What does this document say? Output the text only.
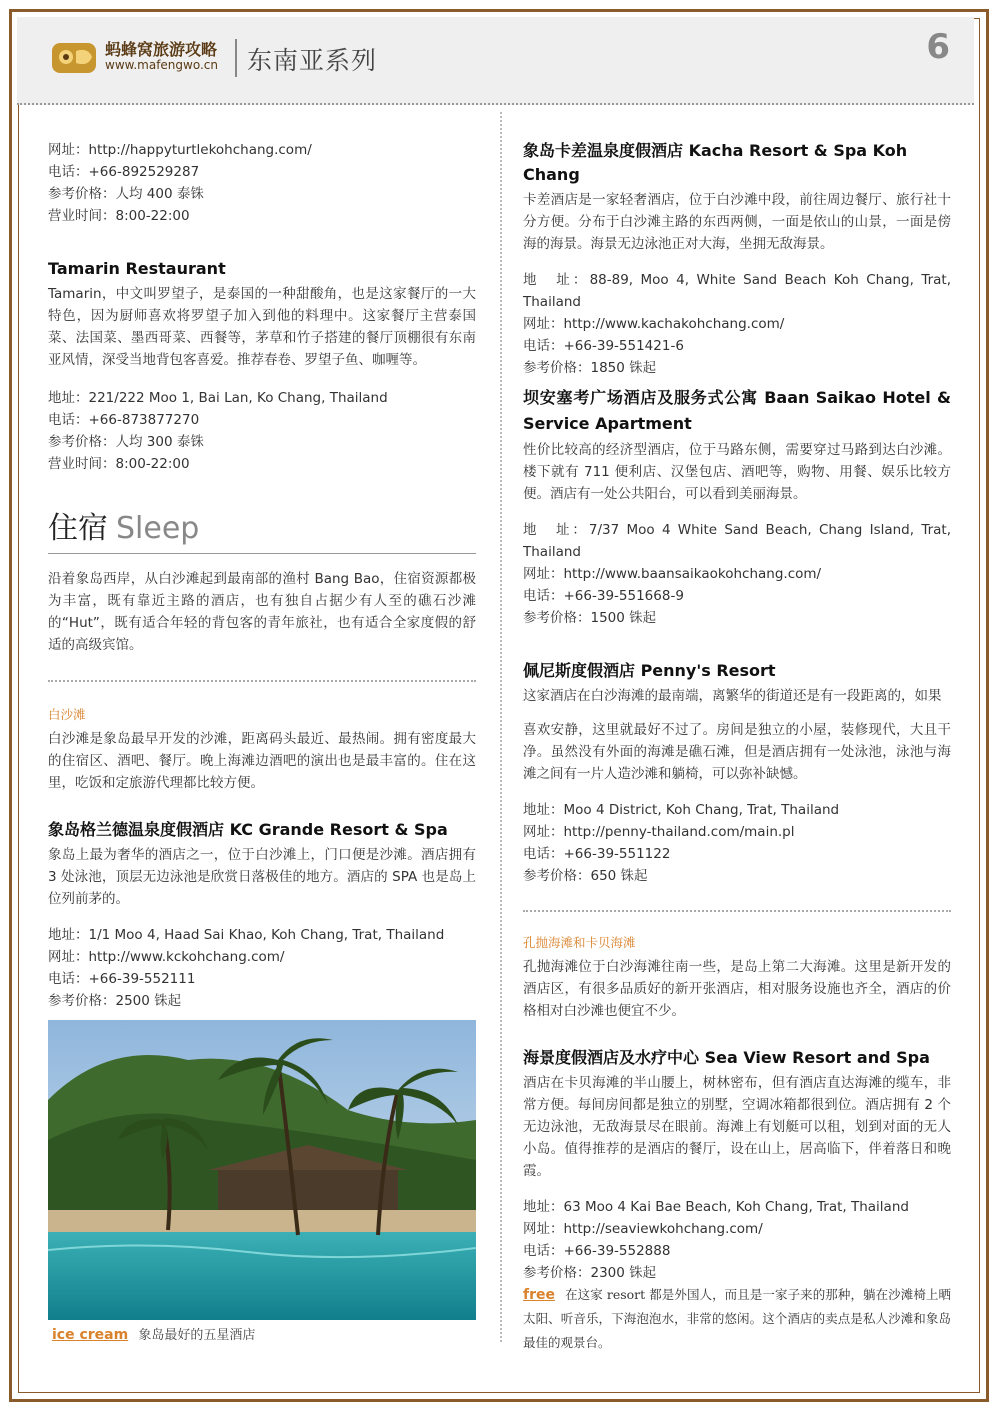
蚂蜂窝旅游攻略
www.mafengwo.cn 东南亚系列	6

网址：http://happyturtlekohchang.com/

电话：+66-892529287

参考价格：人均 400 泰铢

营业时间：8:00-22:00

Tamarin Restaurant

Tamarin，中文叫罗望子，是泰国的一种甜酸角，也是这家餐厅的一大特色，因为厨师喜欢将罗望子加入到他的料理中。这家餐厅主营泰国菜、法国菜、墨西哥菜、西餐等，茅草和竹子搭建的餐厅顶棚很有东南亚风情，深受当地背包客喜爱。推荐春卷、罗望子鱼、咖喱等。

地址：221/222 Moo 1, Bai Lan, Ko Chang, Thailand

电话：+66-873877270

参考价格：人均 300 泰铢

营业时间：8:00-22:00

住宿 Sleep

沿着象岛西岸，从白沙滩起到最南部的渔村 Bang Bao，住宿资源都极为丰富，既有靠近主路的酒店，也有独自占据少有人至的礁石沙滩的“Hut”，既有适合年轻的背包客的青年旅社，也有适合全家度假的舒适的高级宾馆。

白沙滩

白沙滩是象岛最早开发的沙滩，距离码头最近、最热闹。拥有密度最大的住宿区、酒吧、餐厅。晚上海滩边酒吧的演出也是最丰富的。住在这里，吃饭和定旅游代理都比较方便。

象岛格兰德温泉度假酒店 KC Grande Resort & Spa

象岛上最为奢华的酒店之一，位于白沙滩上，门口便是沙滩。酒店拥有 3 处泳池，顶层无边泳池是欣赏日落极佳的地方。酒店的 SPA 也是岛上位列前茅的。

地址：1/1 Moo 4, Haad Sai Khao, Koh Chang, Trat, Thailand

网址：http://www.kckohchang.com/

电话：+66-39-552111

参考价格：2500 铢起

ice cream 象岛最好的五星酒店

象岛卡差温泉度假酒店 Kacha Resort & Spa Koh Chang

卡差酒店是一家轻奢酒店，位于白沙滩中段，前往周边餐厅、旅行社十分方便。分布于白沙滩主路的东西两侧，一面是依山的山景，一面是傍海的海景。海景无边泳池正对大海，坐拥无敌海景。

地　址：88-89, Moo 4, White Sand Beach Koh Chang, Trat, Thailand

网址：http://www.kachakohchang.com/

电话：+66-39-551421-6

参考价格：1850 铢起

坝安塞考广场酒店及服务式公寓 Baan Saikao Hotel & Service Apartment

性价比较高的经济型酒店，位于马路东侧，需要穿过马路到达白沙滩。楼下就有 711 便利店、汉堡包店、酒吧等，购物、用餐、娱乐比较方便。酒店有一处公共阳台，可以看到美丽海景。

地　址：7/37 Moo 4 White Sand Beach, Chang Island, Trat, Thailand

网址：http://www.baansaikaokohchang.com/

电话：+66-39-551668-9

参考价格：1500 铢起

佩尼斯度假酒店 Penny's Resort

这家酒店在白沙海滩的最南端，离繁华的街道还是有一段距离的，如果

喜欢安静，这里就最好不过了。房间是独立的小屋，装修现代，大且干净。虽然没有外面的海滩是礁石滩，但是酒店拥有一处泳池，泳池与海滩之间有一片人造沙滩和躺椅，可以弥补缺憾。

地址：Moo 4 District, Koh Chang, Trat, Thailand

网址：http://penny-thailand.com/main.pl

电话：+66-39-551122

参考价格：650 铢起

孔抛海滩和卡贝海滩

孔抛海滩位于白沙海滩往南一些，是岛上第二大海滩。这里是新开发的酒店区，有很多品质好的新开张酒店，相对服务设施也齐全，酒店的价格相对白沙滩也便宜不少。

海景度假酒店及水疗中心 Sea View Resort and Spa

酒店在卡贝海滩的半山腰上，树林密布，但有酒店直达海滩的缆车，非常方便。每间房间都是独立的别墅，空调冰箱都很到位。酒店拥有 2 个无边泳池，无敌海景尽在眼前。海滩上有划艇可以租，划到对面的无人小岛。值得推荐的是酒店的餐厅，设在山上，居高临下，伴着落日和晚霞。

地址：63 Moo 4 Kai Bae Beach, Koh Chang, Trat, Thailand

网址：http://seaviewkohchang.com/

电话：+66-39-552888

参考价格：2300 铢起

free 在这家 resort 都是外国人，而且是一家子来的那种，躺在沙滩椅上晒太阳、听音乐，下海泡泡水，非常的悠闲。这个酒店的卖点是私人沙滩和象岛最佳的观景台。
